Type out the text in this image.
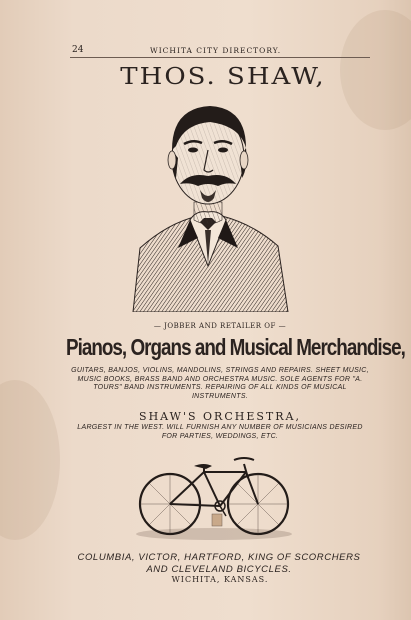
24	WICHITA CITY DIRECTORY.
THOS. SHAW,
— JOBBER AND RETAILER OF —
Pianos, Organs and Musical Merchandise,
GUITARS, BANJOS, VIOLINS, MANDOLINS, STRINGS AND REPAIRS. SHEET MUSIC, MUSIC BOOKS, BRASS BAND AND ORCHESTRA MUSIC. SOLE AGENTS FOR "A. TOURS" BAND INSTRUMENTS. REPAIRING OF ALL KINDS OF MUSICAL INSTRUMENTS.
SHAW'S ORCHESTRA,
LARGEST IN THE WEST. WILL FURNISH ANY NUMBER OF MUSICIANS DESIRED FOR PARTIES, WEDDINGS, ETC.
COLUMBIA, VICTOR, HARTFORD, KING OF SCORCHERS AND CLEVELAND BICYCLES.
WICHITA, KANSAS.
